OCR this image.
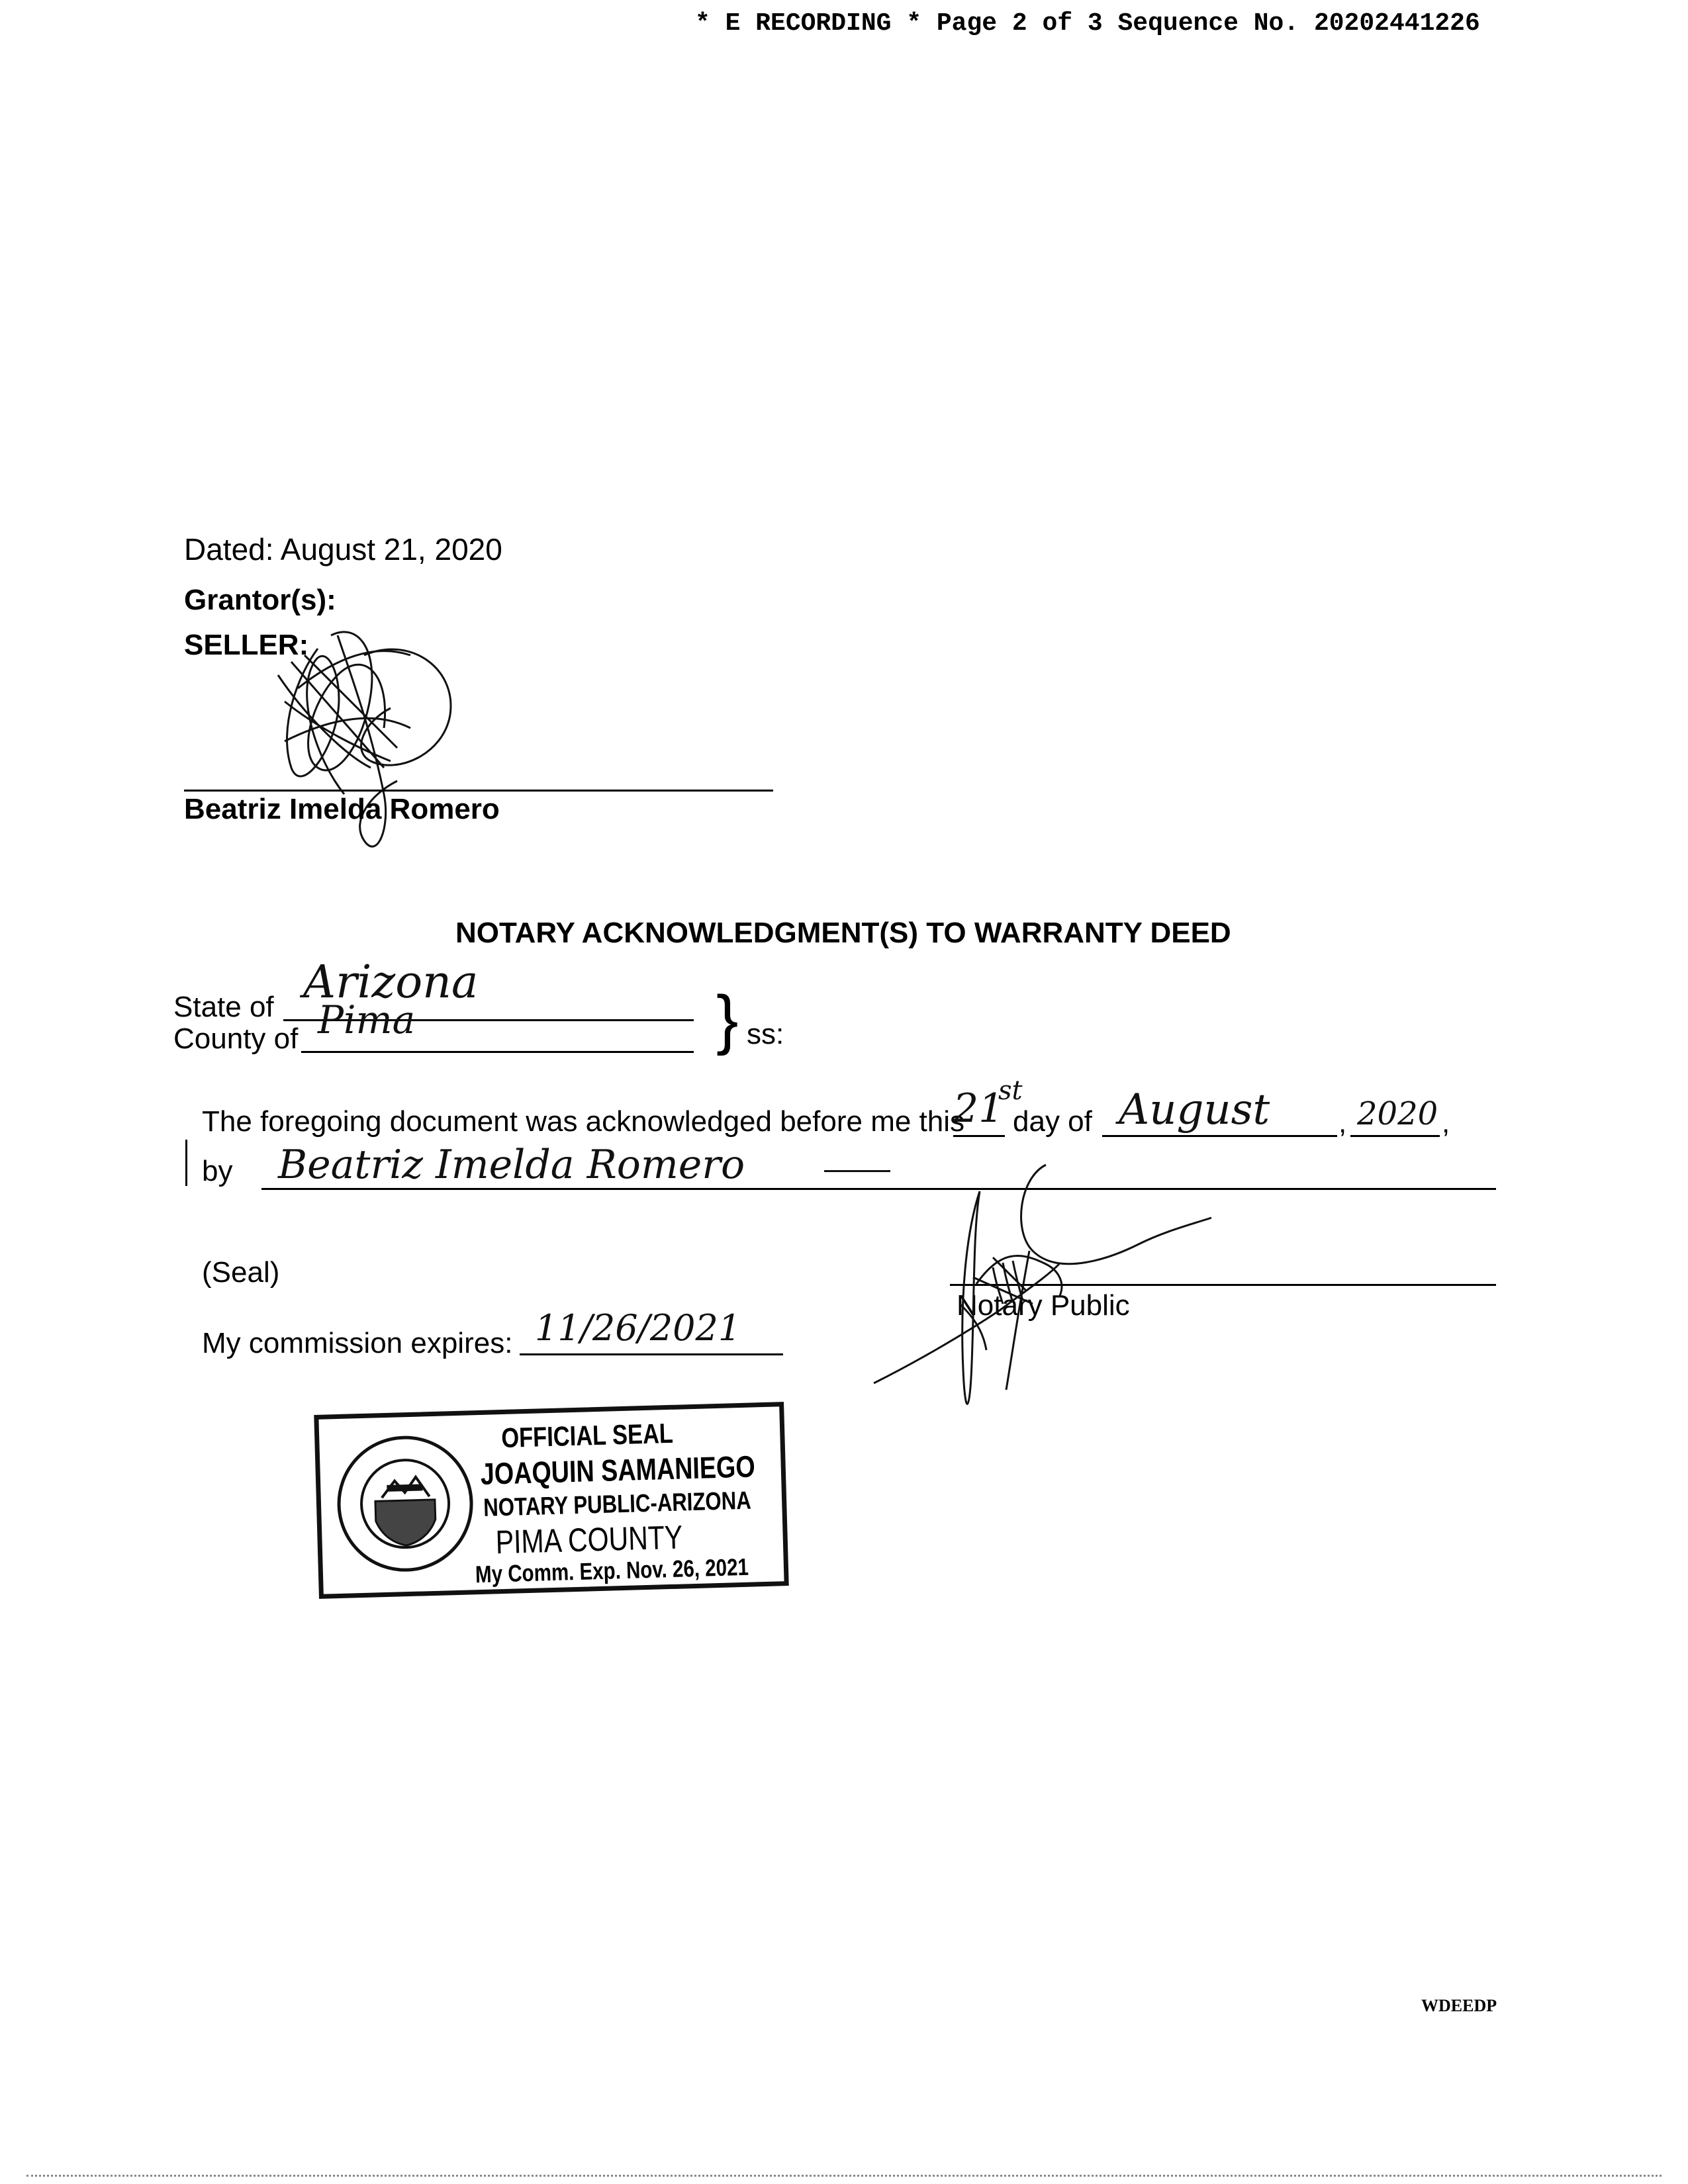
* E RECORDING * Page 2 of 3 Sequence No. 20202441226
Dated: August 21, 2020
Grantor(s):
SELLER:
Beatriz Imelda Romero
NOTARY ACKNOWLEDGMENT(S) TO WARRANTY DEED
State of Arizona
County of Pima	} ss:
The foregoing document was acknowledged before me this
21
st
day of August , 2020 ,
by Beatriz Imelda Romero
(Seal)
My commission expires: 11/26/2021
Notary Public
OFFICIAL SEAL
JOAQUIN SAMANIEGO
NOTARY PUBLIC-ARIZONA
PIMA COUNTY
My Comm. Exp. Nov. 26, 2021
WDEEDP
